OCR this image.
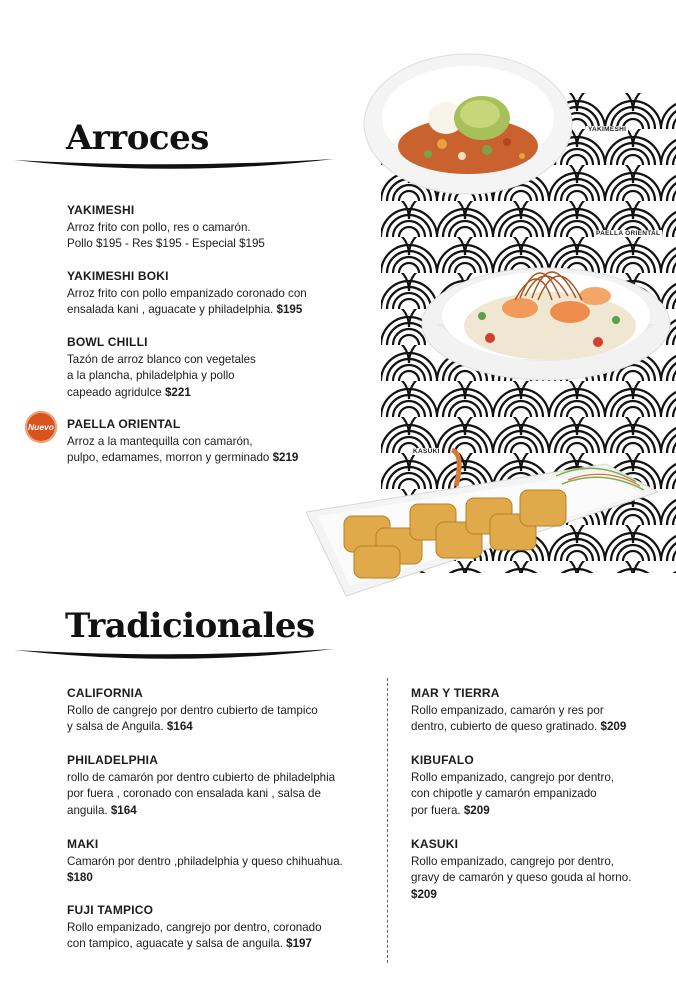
Arroces
YAKIMESHI
Arroz frito con pollo, res o camarón.
Pollo $195 - Res $195 - Especial $195
YAKIMESHI BOKI
Arroz frito con pollo empanizado coronado con
ensalada kani , aguacate y philadelphia. $195
BOWL CHILLI
Tazón de arroz blanco con vegetales
a la plancha, philadelphia y pollo
capeado agridulce $221
Nuevo PAELLA ORIENTAL
Arroz a la mantequilla con camarón,
pulpo, edamames, morron y germinado $219
YAKIMESHI
PAELLA ORIENTAL
KASUKI
Tradicionales
CALIFORNIA
Rollo de cangrejo por dentro cubierto de tampico
y salsa de Anguila. $164
PHILADELPHIA
rollo de camarón por dentro cubierto de philadelphia
por fuera , coronado con ensalada kani , salsa de
anguila. $164
MAKI
Camarón por dentro ,philadelphia y queso chihuahua.
$180
FUJI TAMPICO
Rollo empanizado, cangrejo por dentro, coronado
con tampico, aguacate y salsa de anguila. $197
MAR Y TIERRA
Rollo empanizado, camarón y res por
dentro, cubierto de queso gratinado. $209
KIBUFALO
Rollo empanizado, cangrejo por dentro,
con chipotle y camarón empanizado
por fuera. $209
KASUKI
Rollo empanizado, cangrejo por dentro,
gravy de camarón y queso gouda al horno.
$209
